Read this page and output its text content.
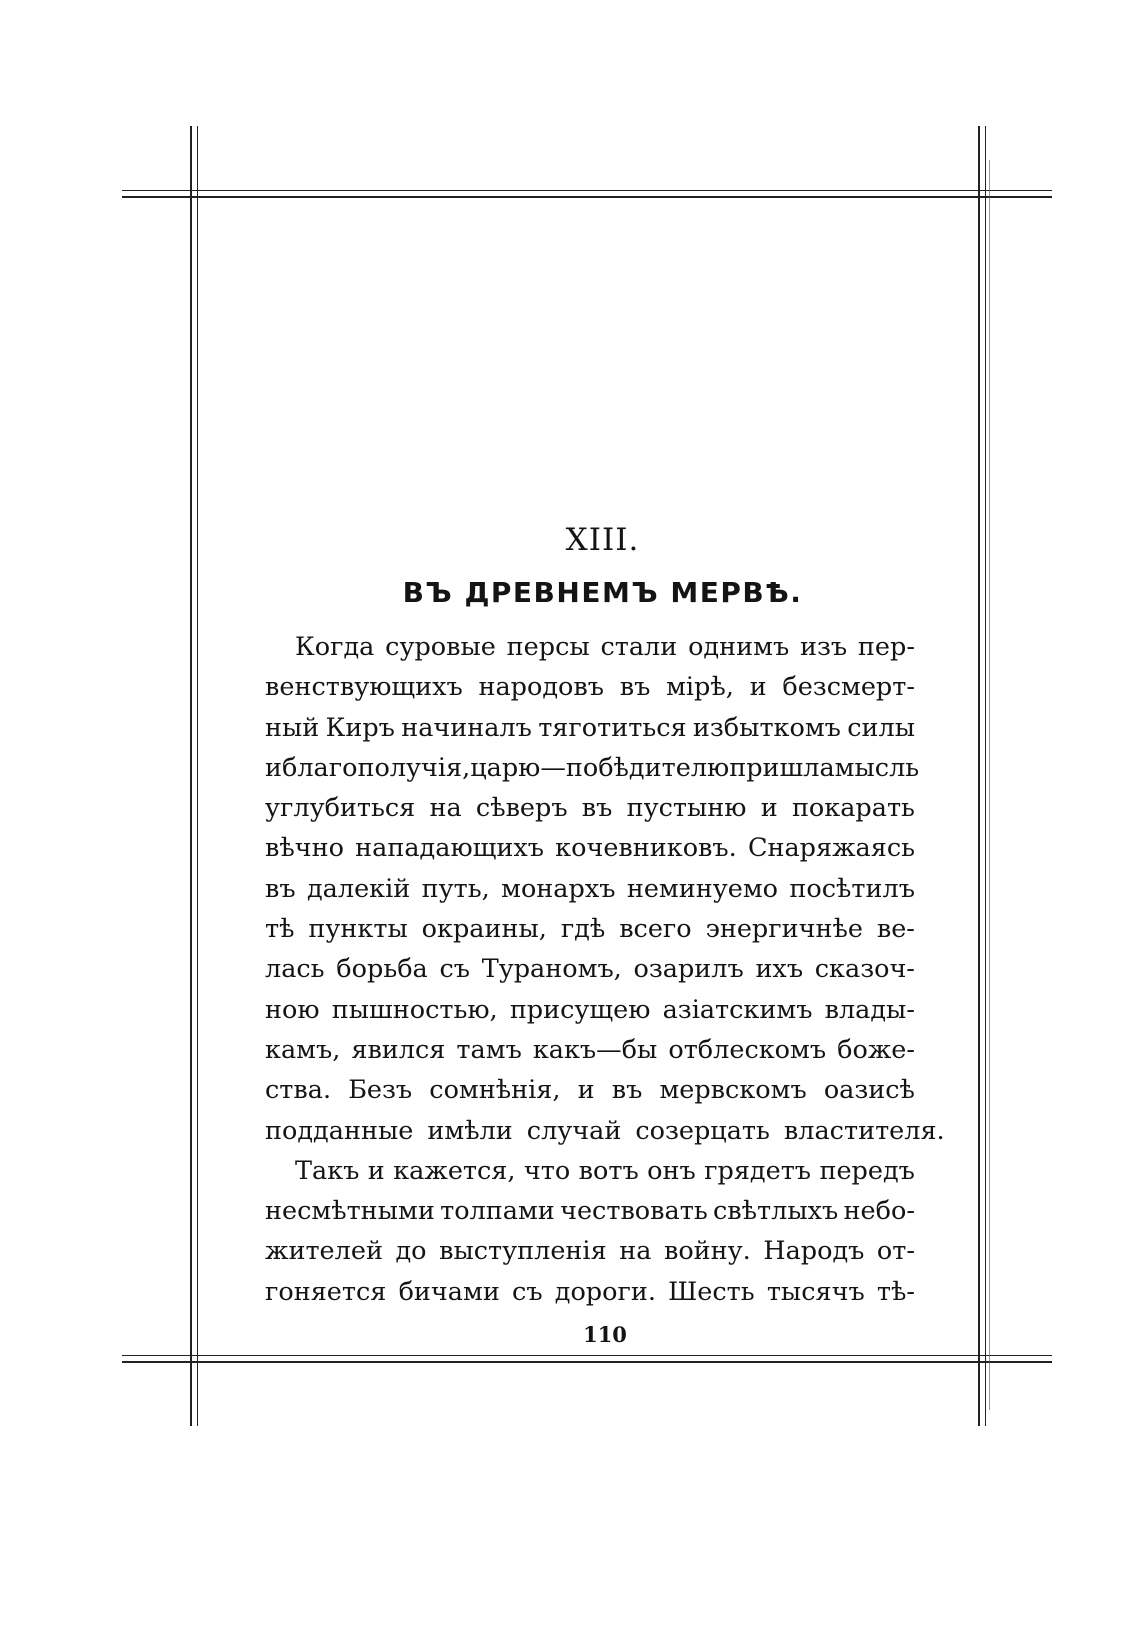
XIII.
ВЪ ДРЕВНЕМЪ МЕРВѢ.
Когда суровые персы стали однимъ изъ пер-
венствующихъ народовъ въ мірѣ, и безсмерт-
ный Киръ начиналъ тяготиться избыткомъ силы
и благополучія, царю—побѣдителю пришла мысль
углубиться на сѣверъ въ пустыню и покарать
вѣчно нападающихъ кочевниковъ. Снаряжаясь
въ далекій путь, монархъ неминуемо посѣтилъ
тѣ пункты окраины, гдѣ всего энергичнѣе ве-
лась борьба съ Тураномъ, озарилъ ихъ сказоч-
ною пышностью, присущею азіатскимъ влады-
камъ, явился тамъ какъ—бы отблескомъ боже-
ства. Безъ сомнѣнія, и въ мервскомъ оазисѣ
подданные имѣли случай созерцать властителя.
Такъ и кажется, что вотъ онъ грядетъ передъ
несмѣтными толпами чествовать свѣтлыхъ небо-
жителей до выступленія на войну. Народъ от-
гоняется бичами съ дороги. Шесть тысячъ тѣ-
110
